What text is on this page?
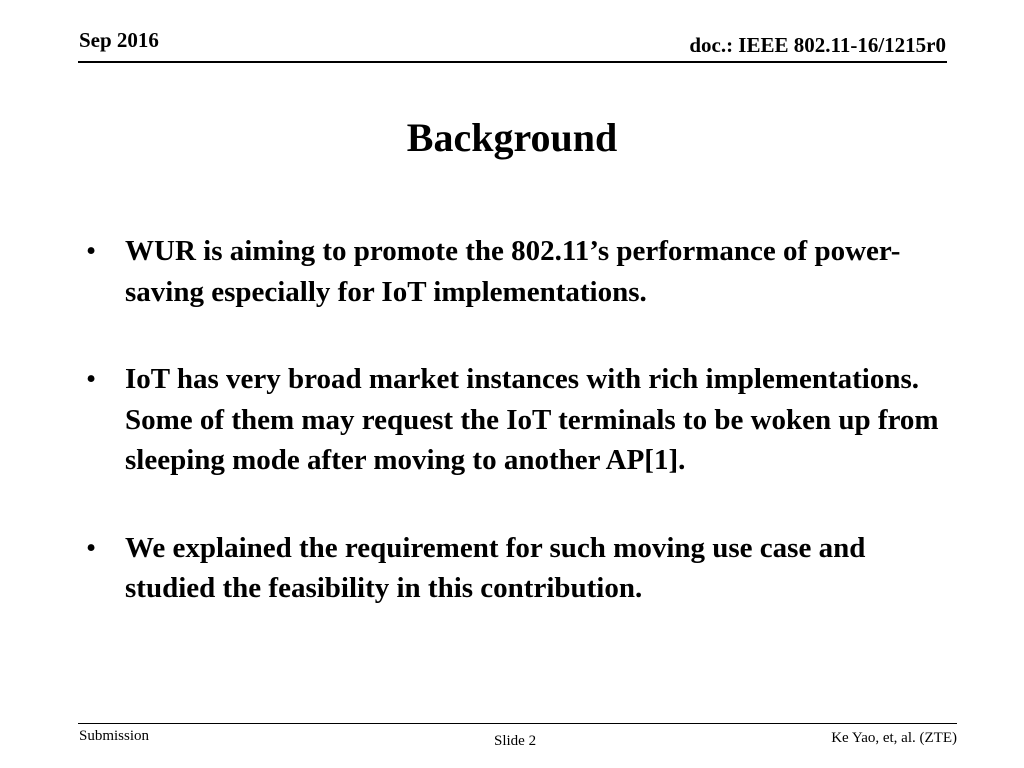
Sep 2016	doc.: IEEE 802.11-16/1215r0
Background
• WUR is aiming to promote the 802.11’s performance of power-saving especially for IoT implementations.
• IoT has very broad market instances with rich implementations. Some of them may request the IoT terminals to be woken up from sleeping mode after moving to another AP[1].
• We explained the requirement for such moving use case and studied the feasibility in this contribution.
Submission	Slide 2	Ke Yao, et, al. (ZTE)
